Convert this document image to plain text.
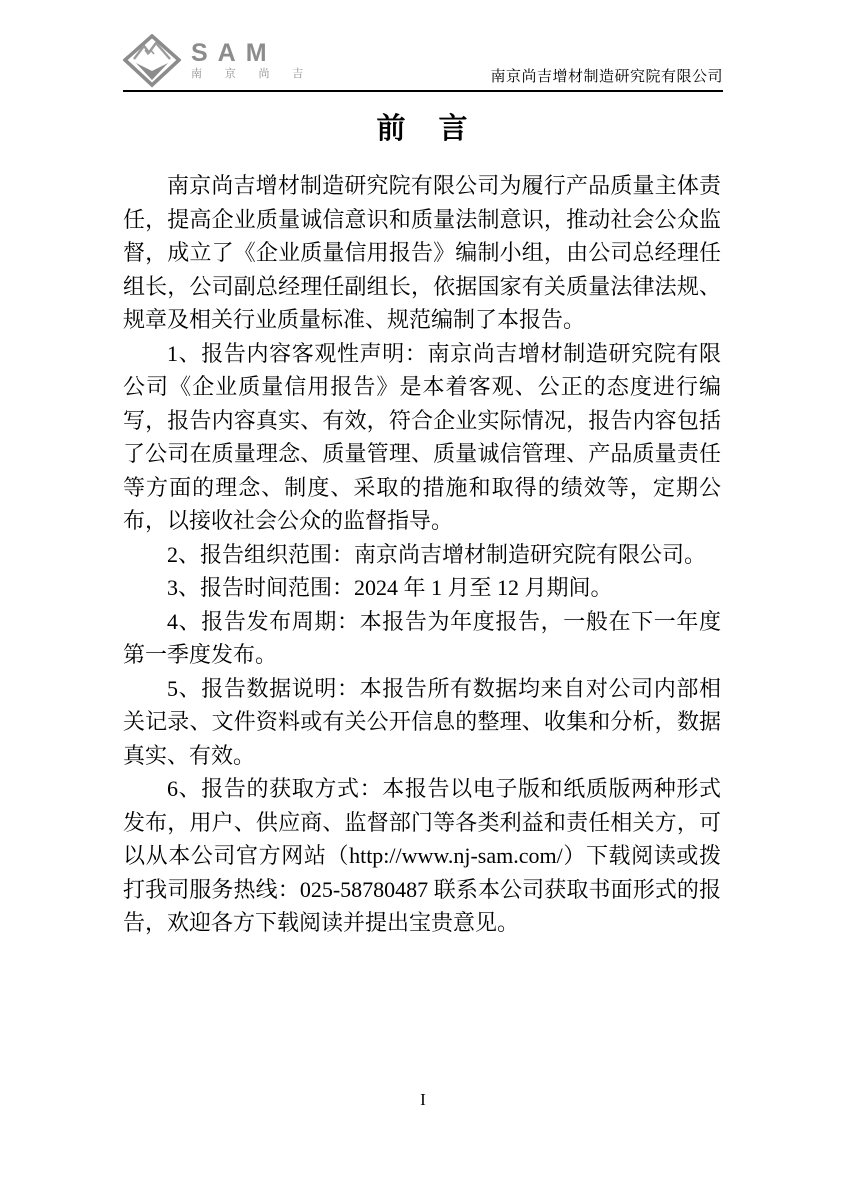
SAM
南 京 尚 吉	南京尚吉增材制造研究院有限公司
前　言

南京尚吉增材制造研究院有限公司为履行产品质量主体责任，提高企业质量诚信意识和质量法制意识，推动社会公众监督，成立了《企业质量信用报告》编制小组，由公司总经理任组长，公司副总经理任副组长，依据国家有关质量法律法规、规章及相关行业质量标准、规范编制了本报告。

1、报告内容客观性声明：南京尚吉增材制造研究院有限公司《企业质量信用报告》是本着客观、公正的态度进行编写，报告内容真实、有效，符合企业实际情况，报告内容包括了公司在质量理念、质量管理、质量诚信管理、产品质量责任等方面的理念、制度、采取的措施和取得的绩效等，定期公布，以接收社会公众的监督指导。

2、报告组织范围：南京尚吉增材制造研究院有限公司。

3、报告时间范围：2024 年 1 月至 12 月期间。

4、报告发布周期：本报告为年度报告，一般在下一年度第一季度发布。

5、报告数据说明：本报告所有数据均来自对公司内部相关记录、文件资料或有关公开信息的整理、收集和分析，数据真实、有效。

6、报告的获取方式：本报告以电子版和纸质版两种形式发布，用户、供应商、监督部门等各类利益和责任相关方，可以从本公司官方网站（http://www.nj-sam.com/）下载阅读或拨打我司服务热线：025-58780487 联系本公司获取书面形式的报告，欢迎各方下载阅读并提出宝贵意见。

I
